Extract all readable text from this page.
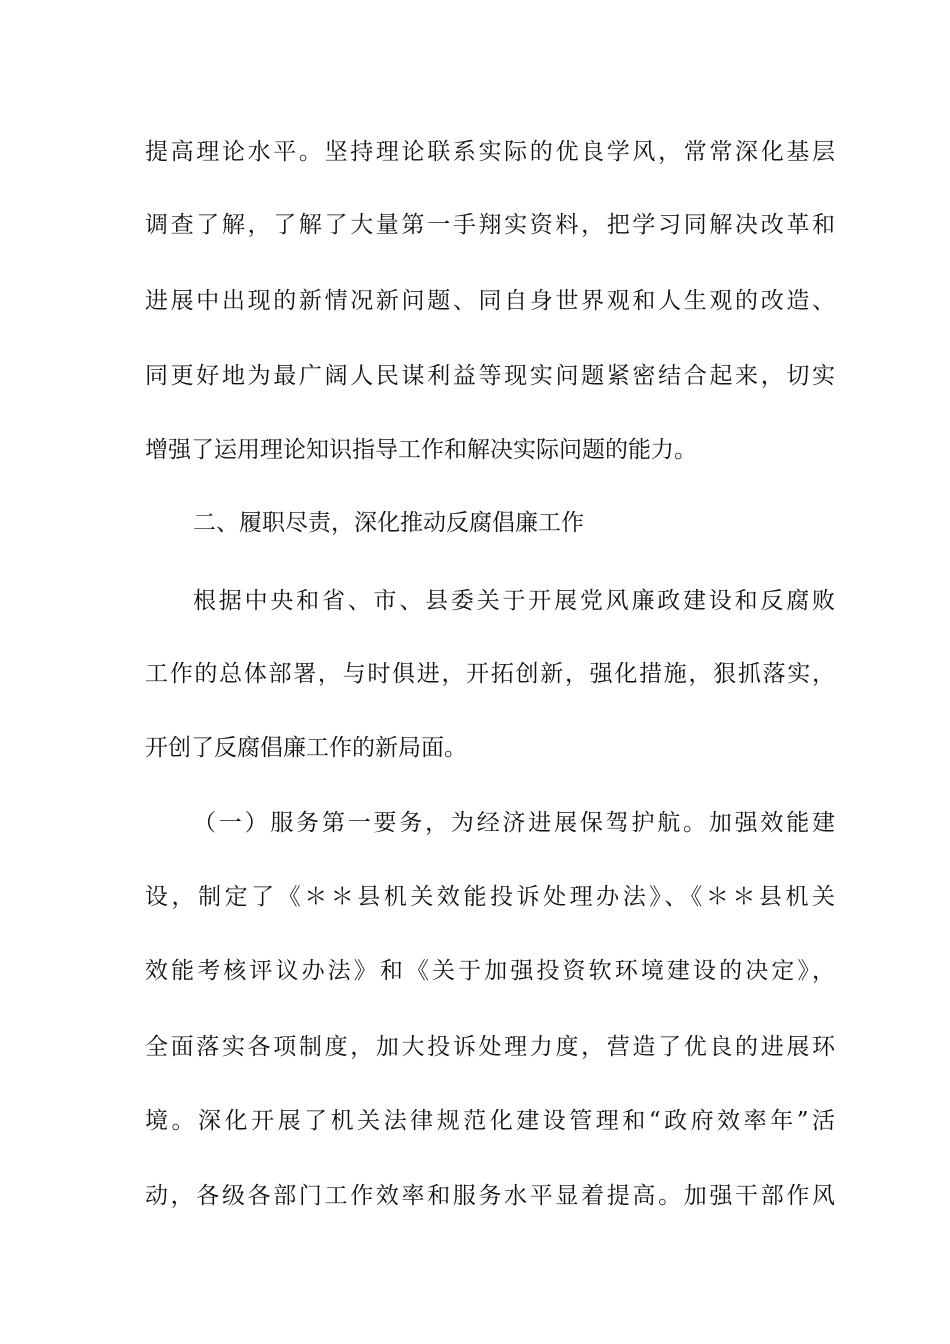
提高理论水平。坚持理论联系实际的优良学风，常常深化基层
调查了解，了解了大量第一手翔实资料，把学习同解决改革和
进展中出现的新情况新问题、同自身世界观和人生观的改造、
同更好地为最广阔人民谋利益等现实问题紧密结合起来，切实
增强了运用理论知识指导工作和解决实际问题的能力。
二、履职尽责，深化推动反腐倡廉工作
根据中央和省、市、县委关于开展党风廉政建设和反腐败
工作的总体部署，与时俱进，开拓创新，强化措施，狠抓落实，
开创了反腐倡廉工作的新局面。
（一）服务第一要务，为经济进展保驾护航。加强效能建
设，制定了《＊＊县机关效能投诉处理办法》、《＊＊县机关
效能考核评议办法》和《关于加强投资软环境建设的决定》，
全面落实各项制度，加大投诉处理力度，营造了优良的进展环
境。深化开展了机关法律规范化建设管理和“政府效率年”活
动，各级各部门工作效率和服务水平显着提高。加强干部作风
